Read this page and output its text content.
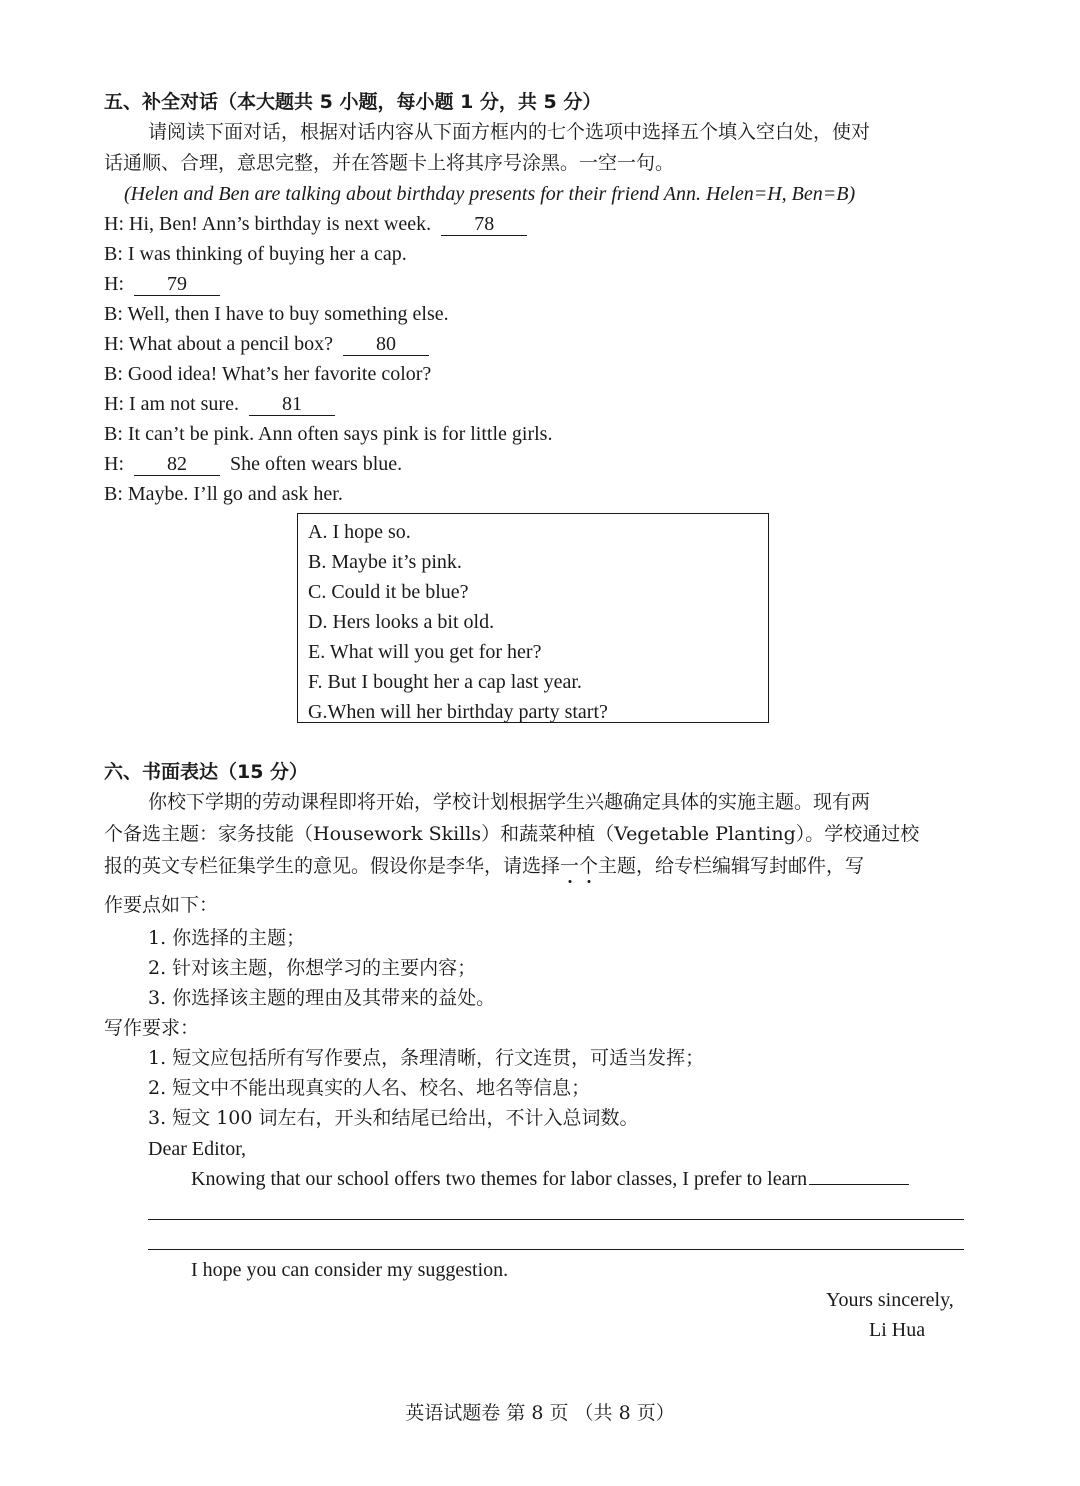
五、补全对话（本大题共 5 小题，每小题 1 分，共 5 分）
请阅读下面对话，根据对话内容从下面方框内的七个选项中选择五个填入空白处，使对
话通顺、合理，意思完整，并在答题卡上将其序号涂黑。一空一句。
(Helen and Ben are talking about birthday presents for their friend Ann. Helen=H, Ben=B)
H: Hi, Ben! Ann’s birthday is next week. 78
B: I was thinking of buying her a cap.
H: 79
B: Well, then I have to buy something else.
H: What about a pencil box? 80
B: Good idea! What’s her favorite color?
H: I am not sure. 81
B: It can’t be pink. Ann often says pink is for little girls.
H: 82 She often wears blue.
B: Maybe. I’ll go and ask her.
A. I hope so.
B. Maybe it’s pink.
C. Could it be blue?
D. Hers looks a bit old.
E. What will you get for her?
F. But I bought her a cap last year.
G.When will her birthday party start?
六、书面表达（15 分）
你校下学期的劳动课程即将开始，学校计划根据学生兴趣确定具体的实施主题。现有两
个备选主题：家务技能（Housework Skills）和蔬菜种植（Vegetable Planting）。学校通过校
报的英文专栏征集学生的意见。假设你是李华，请选择一个主题，给专栏编辑写封邮件，写
作要点如下：
1. 你选择的主题；
2. 针对该主题，你想学习的主要内容；
3. 你选择该主题的理由及其带来的益处。
写作要求：
1. 短文应包括所有写作要点，条理清晰，行文连贯，可适当发挥；
2. 短文中不能出现真实的人名、校名、地名等信息；
3. 短文 100 词左右，开头和结尾已给出，不计入总词数。
Dear Editor,
Knowing that our school offers two themes for labor classes, I prefer to learn
I hope you can consider my suggestion.
Yours sincerely,
Li Hua
英语试题卷 第 8 页 （共 8 页）
